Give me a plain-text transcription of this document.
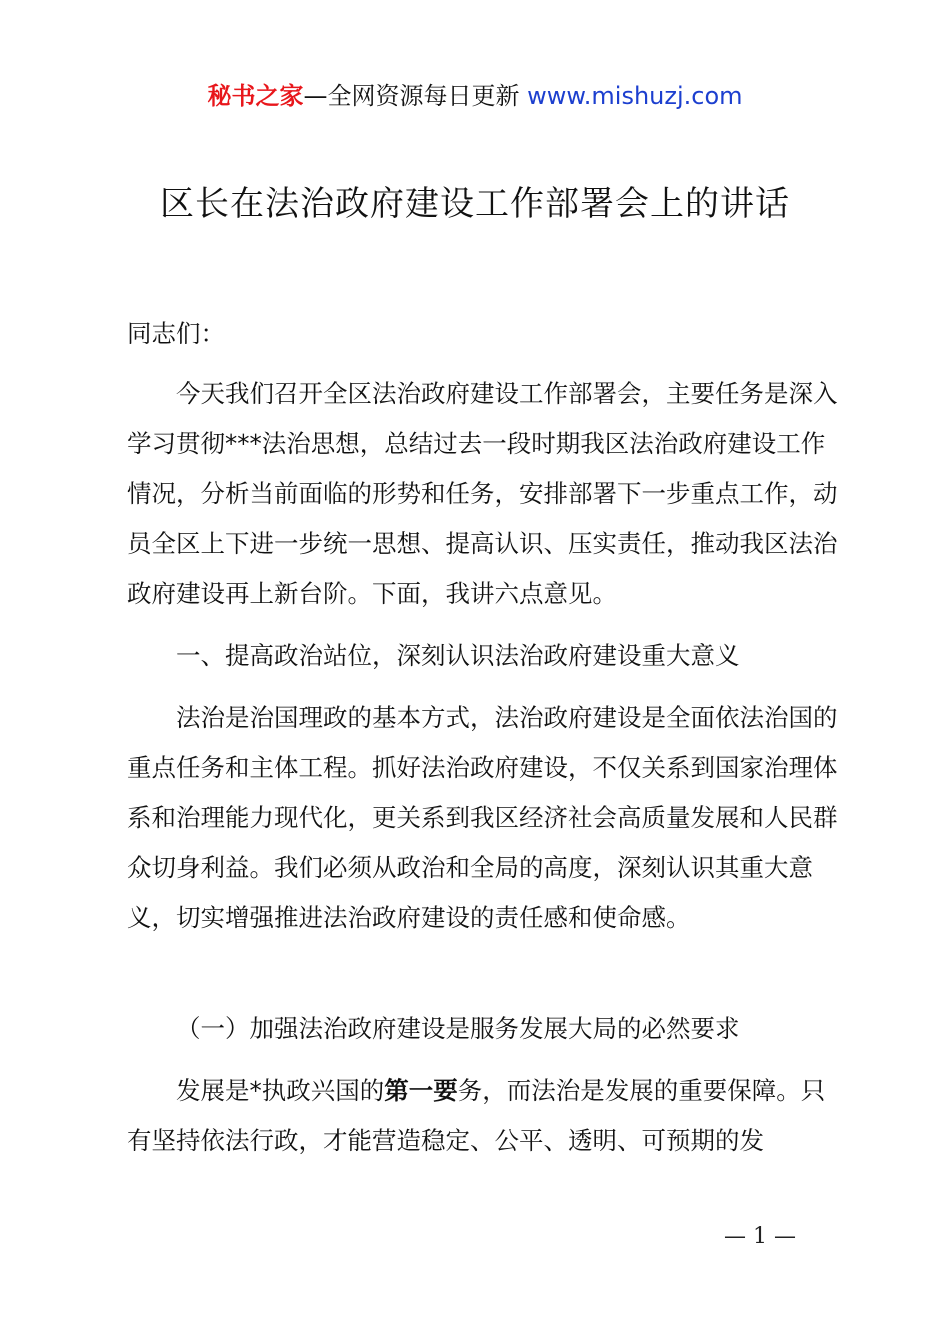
秘书之家—全网资源每日更新 www.mishuzj.com
区长在法治政府建设工作部署会上的讲话

同志们：

今天我们召开全区法治政府建设工作部署会，主要任务是深入学习贯彻***法治思想，总结过去一段时期我区法治政府建设工作情况，分析当前面临的形势和任务，安排部署下一步重点工作，动员全区上下进一步统一思想、提高认识、压实责任，推动我区法治政府建设再上新台阶。下面，我讲六点意见。

一、提高政治站位，深刻认识法治政府建设重大意义

法治是治国理政的基本方式，法治政府建设是全面依法治国的重点任务和主体工程。抓好法治政府建设，不仅关系到国家治理体系和治理能力现代化，更关系到我区经济社会高质量发展和人民群众切身利益。我们必须从政治和全局的高度，深刻认识其重大意义，切实增强推进法治政府建设的责任感和使命感。

（一）加强法治政府建设是服务发展大局的必然要求

发展是*执政兴国的第一要务，而法治是发展的重要保障。只有坚持依法行政，才能营造稳定、公平、透明、可预期的发

— 1 —
